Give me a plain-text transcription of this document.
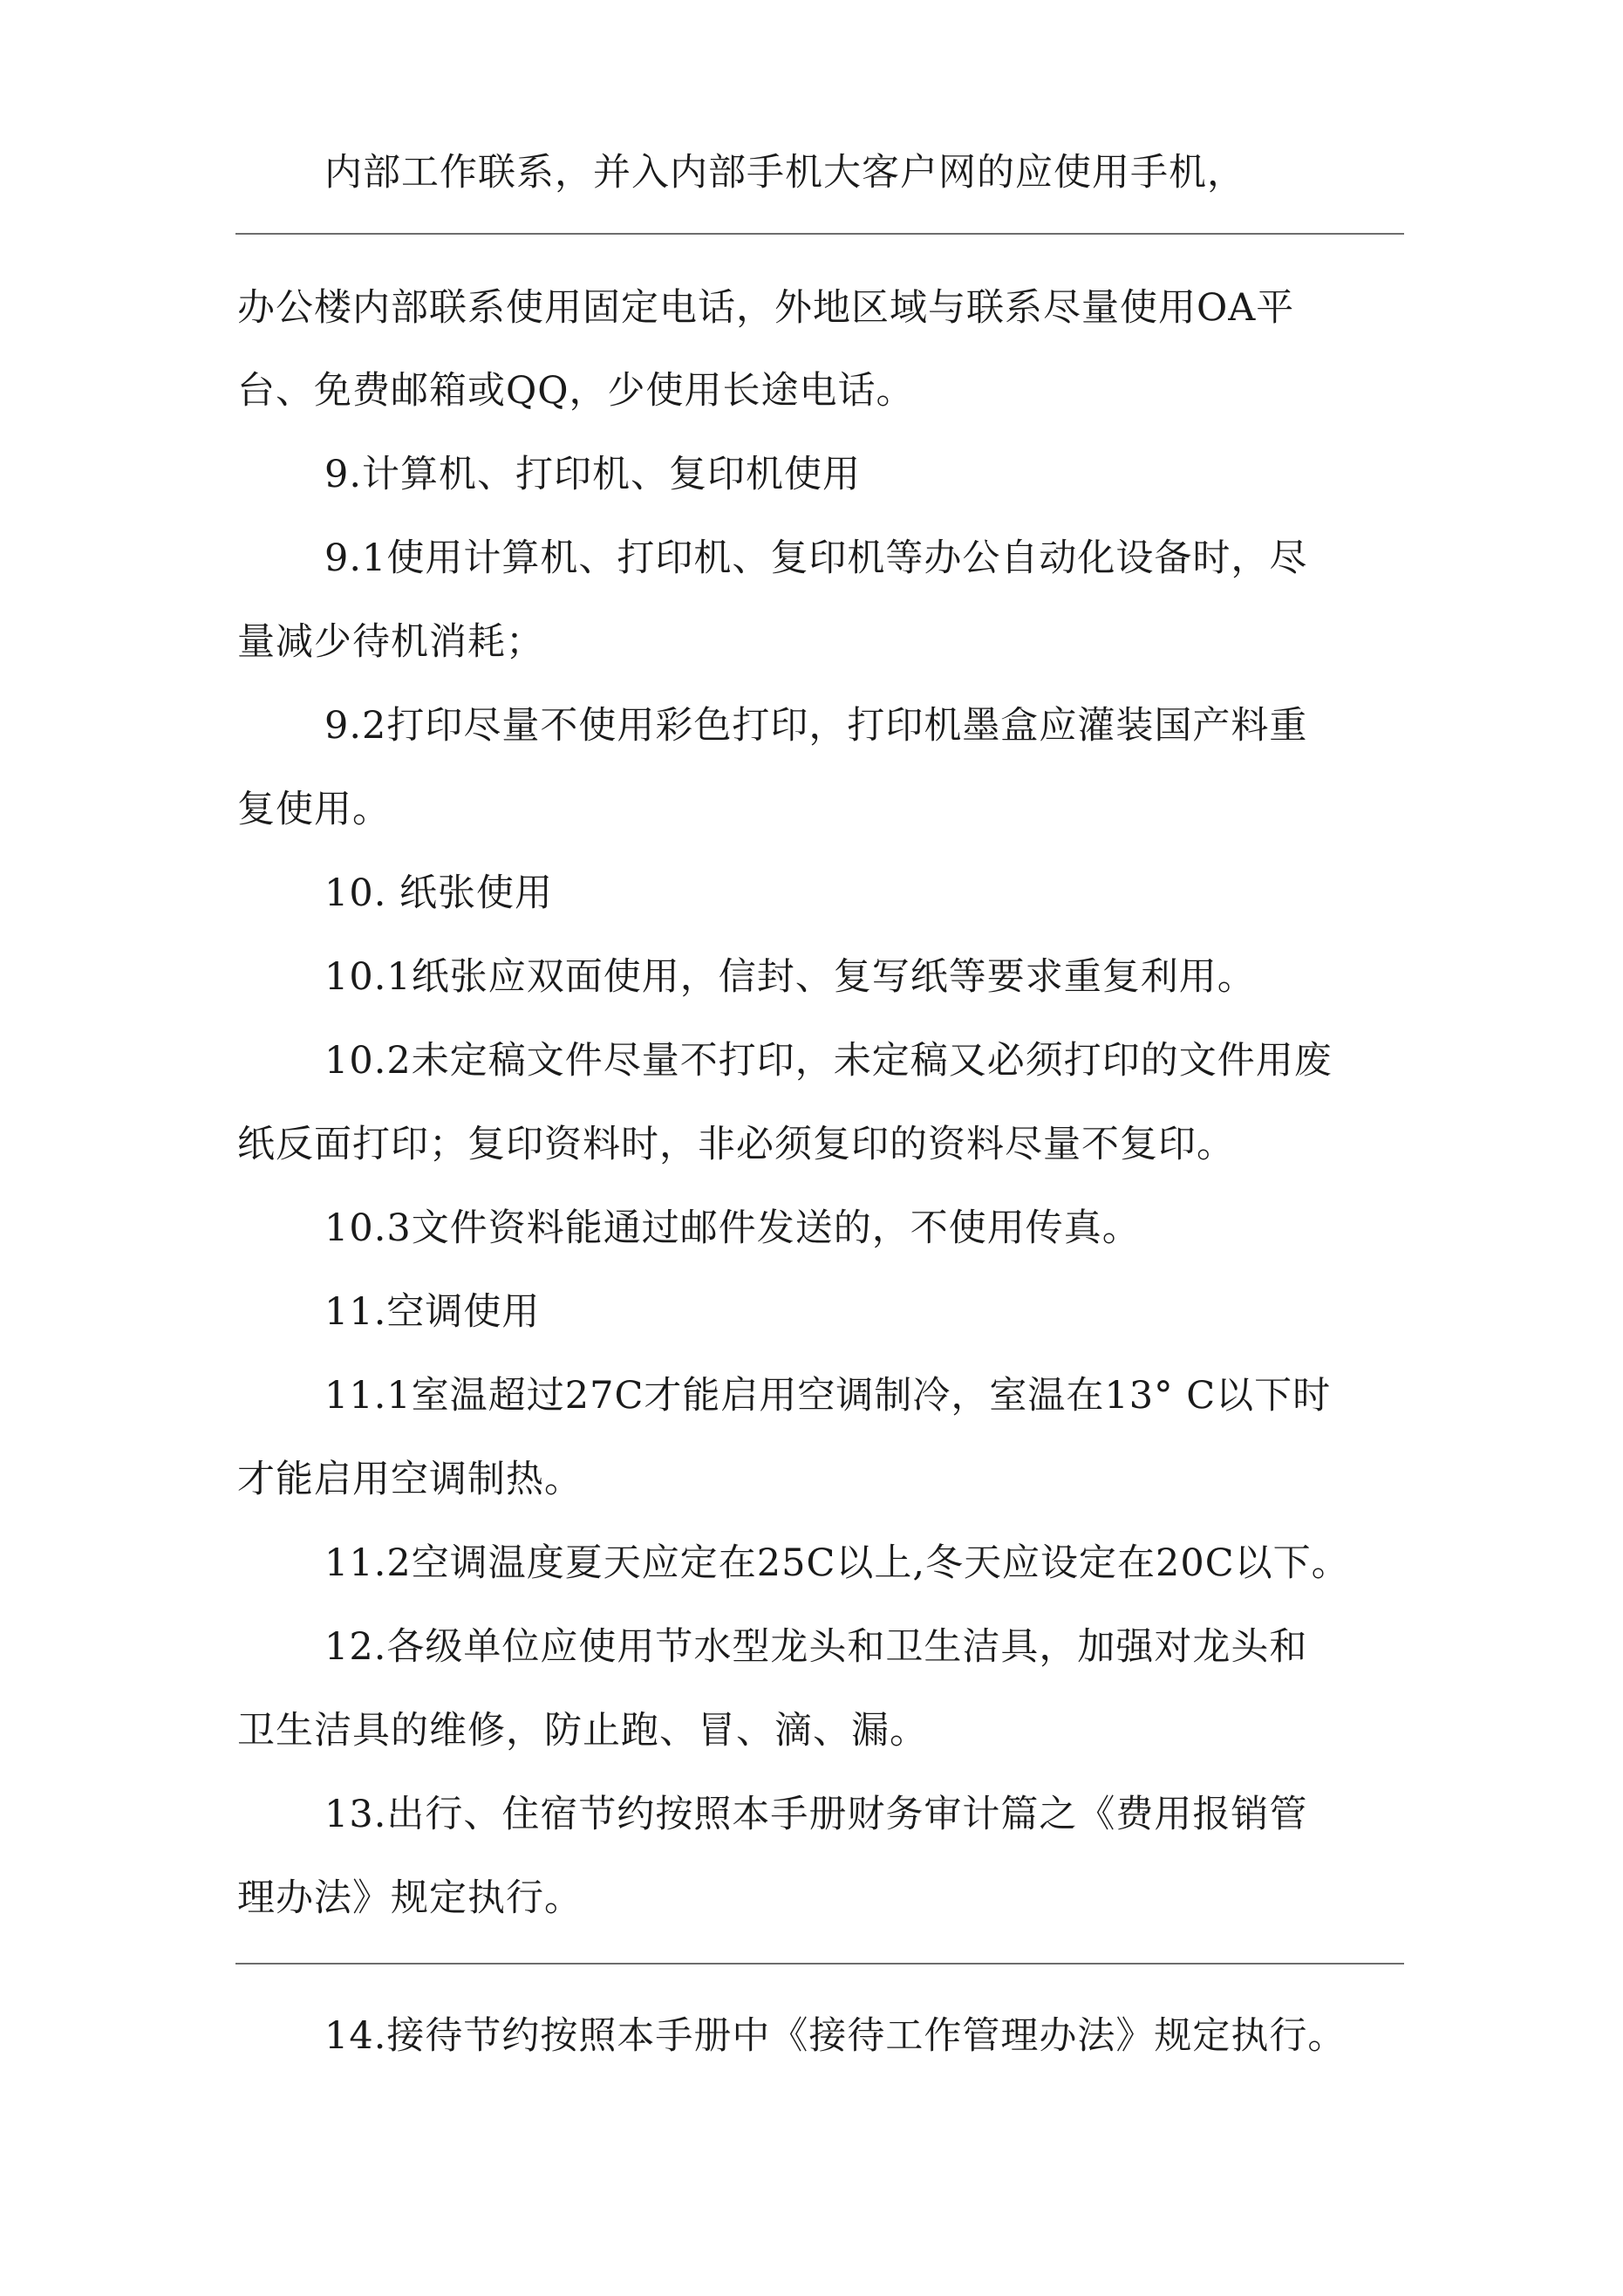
内部工作联系，并入内部手机大客户网的应使用手机，
办公楼内部联系使用固定电话，外地区域与联系尽量使用OA平
台、免费邮箱或QQ，少使用长途电话。
9.计算机、打印机、复印机使用
9.1使用计算机、打印机、复印机等办公自动化设备时，尽
量减少待机消耗；
9.2打印尽量不使用彩色打印，打印机墨盒应灌装国产料重
复使用。
10. 纸张使用
10.1纸张应双面使用，信封、复写纸等要求重复利用。
10.2未定稿文件尽量不打印，未定稿又必须打印的文件用废
纸反面打印；复印资料时，非必须复印的资料尽量不复印。
10.3文件资料能通过邮件发送的，不使用传真。
11.空调使用
11.1室温超过27C才能启用空调制冷，室温在13° C以下时
才能启用空调制热。
11.2空调温度夏天应定在25C以上,冬天应设定在20C以下。
12.各级单位应使用节水型龙头和卫生洁具，加强对龙头和
卫生洁具的维修，防止跑、冒、滴、漏。
13.出行、住宿节约按照本手册财务审计篇之《费用报销管
理办法》规定执行。
14.接待节约按照本手册中《接待工作管理办法》规定执行。
